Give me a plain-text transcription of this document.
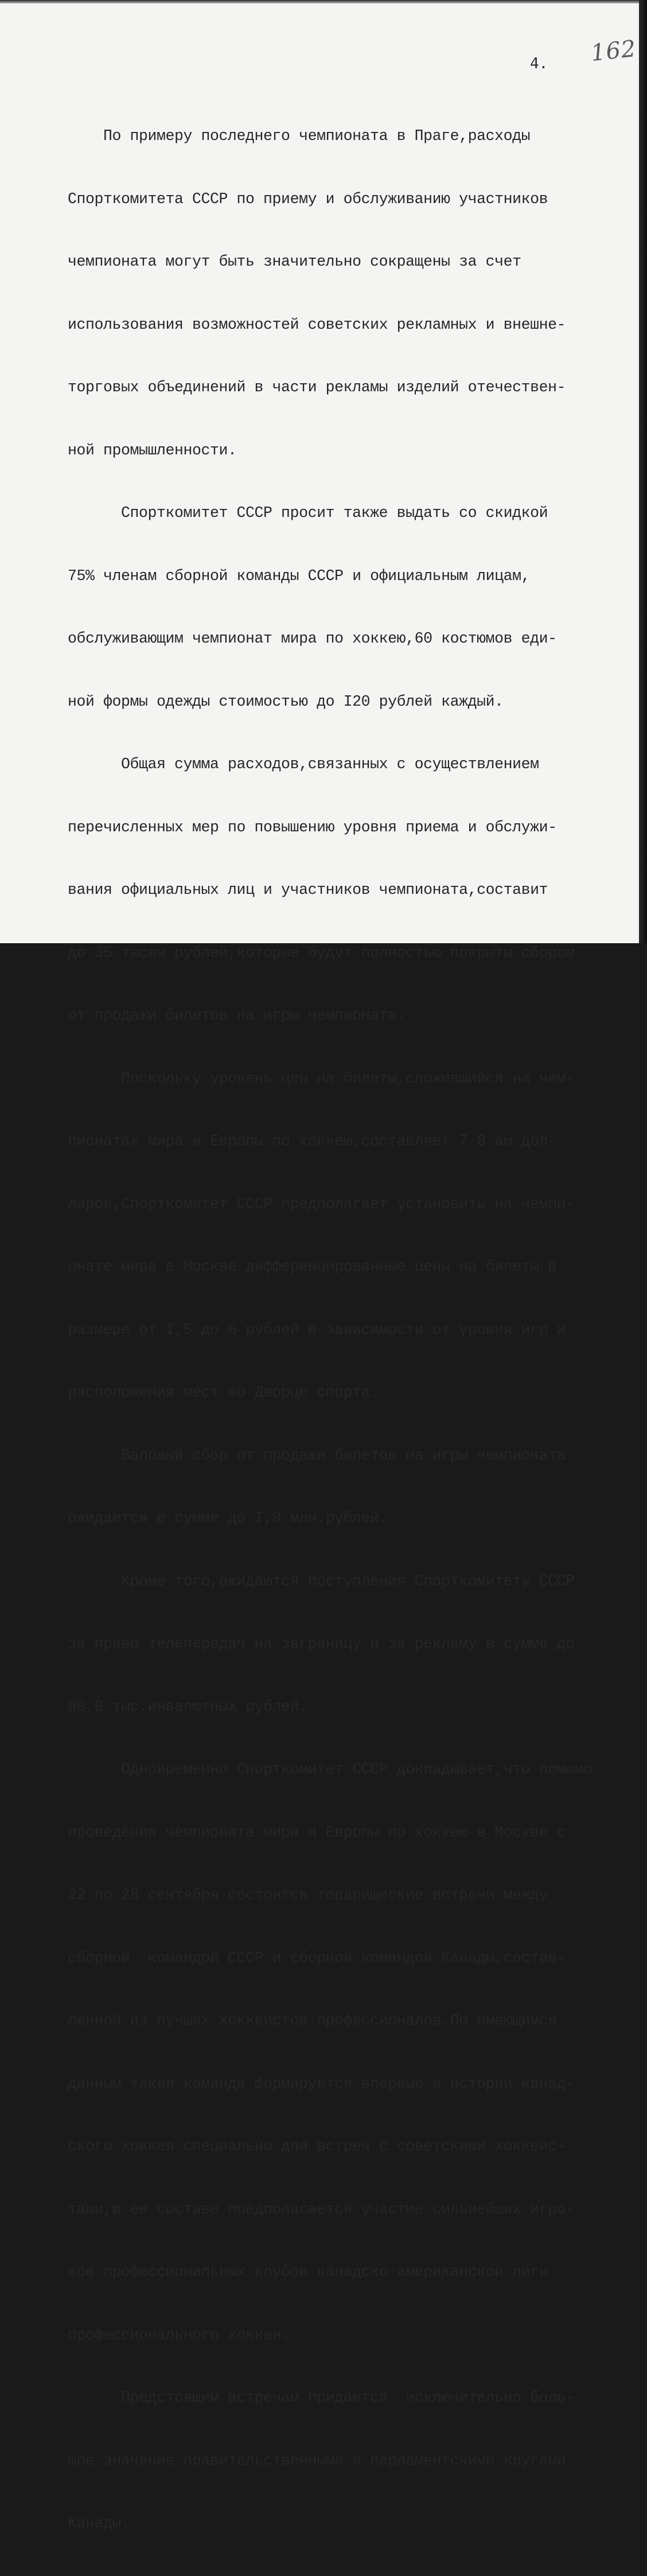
162
4.

По примеру последнего чемпионата в Праге,расходы

Спорткомитета СССР по приему и обслуживанию участников

чемпионата могут быть значительно сокращены за счет

использования возможностей советских рекламных и внешне-

торговых объединений в части рекламы изделий отечествен-

ной промышленности.

Спорткомитет СССР просит также выдать со скидкой

75% членам сборной команды СССР и официальным лицам,

обслуживающим чемпионат мира по хоккею,60 костюмов еди-

ной формы одежды стоимостью до I20 рублей каждый.

Общая сумма расходов,связанных с осуществлением

перечисленных мер по повышению уровня приема и обслужи-

вания официальных лиц и участников чемпионата,составит

до 35 тысяч рублей,которые будут полностью покрыты сбором

от продажи билетов на игры чемпионата.

Поскольку уровень цен на билеты,сложившийся на чем-

пионатах мира и Европы по хоккею,составляет 7-8 ам.дол-

ларов,Спорткомитет СССР предполагает установить на чемпи-

онате мира в Москве дифференцированные цены на билеты в

размере от I,5 до 6 рублей в зависимости от уровня игр и

расположения мест во Дворце спорта.

Валовый сбор от продажи билетов на игры чемпионата

ожидается в сумме до I,0 млн.рублей.

Кроме того,ожидаются поступления Спорткомитету СССР

за право телепередач на заграницу и за рекламу в сумме до

80,0 тыс.инвалютных рублей.

Одновременно Спорткомитет СССР докладывает,что помимо

проведения чемпионата мира и Европы по хоккею в Москве с

22 по 28 сентября состоятся товарищеские встречи между

сборной  командой СССР и сборной командой Канады,состав-

ленной из лучших хоккеистов-профессионалов.По имеющимся

данным такая команда формируется впервые в истории канад-

ского хоккея специально для встреч с советскими хоккеис-

тами,в ее составе предполагается участие сильнейших игро-

ков профессиональных клубов канадско-американской лиги

профессионального хоккея.

Предстоящим встречам придается  исключительно боль-

шое значение правительственными и парламентскими кругами

Канады.
